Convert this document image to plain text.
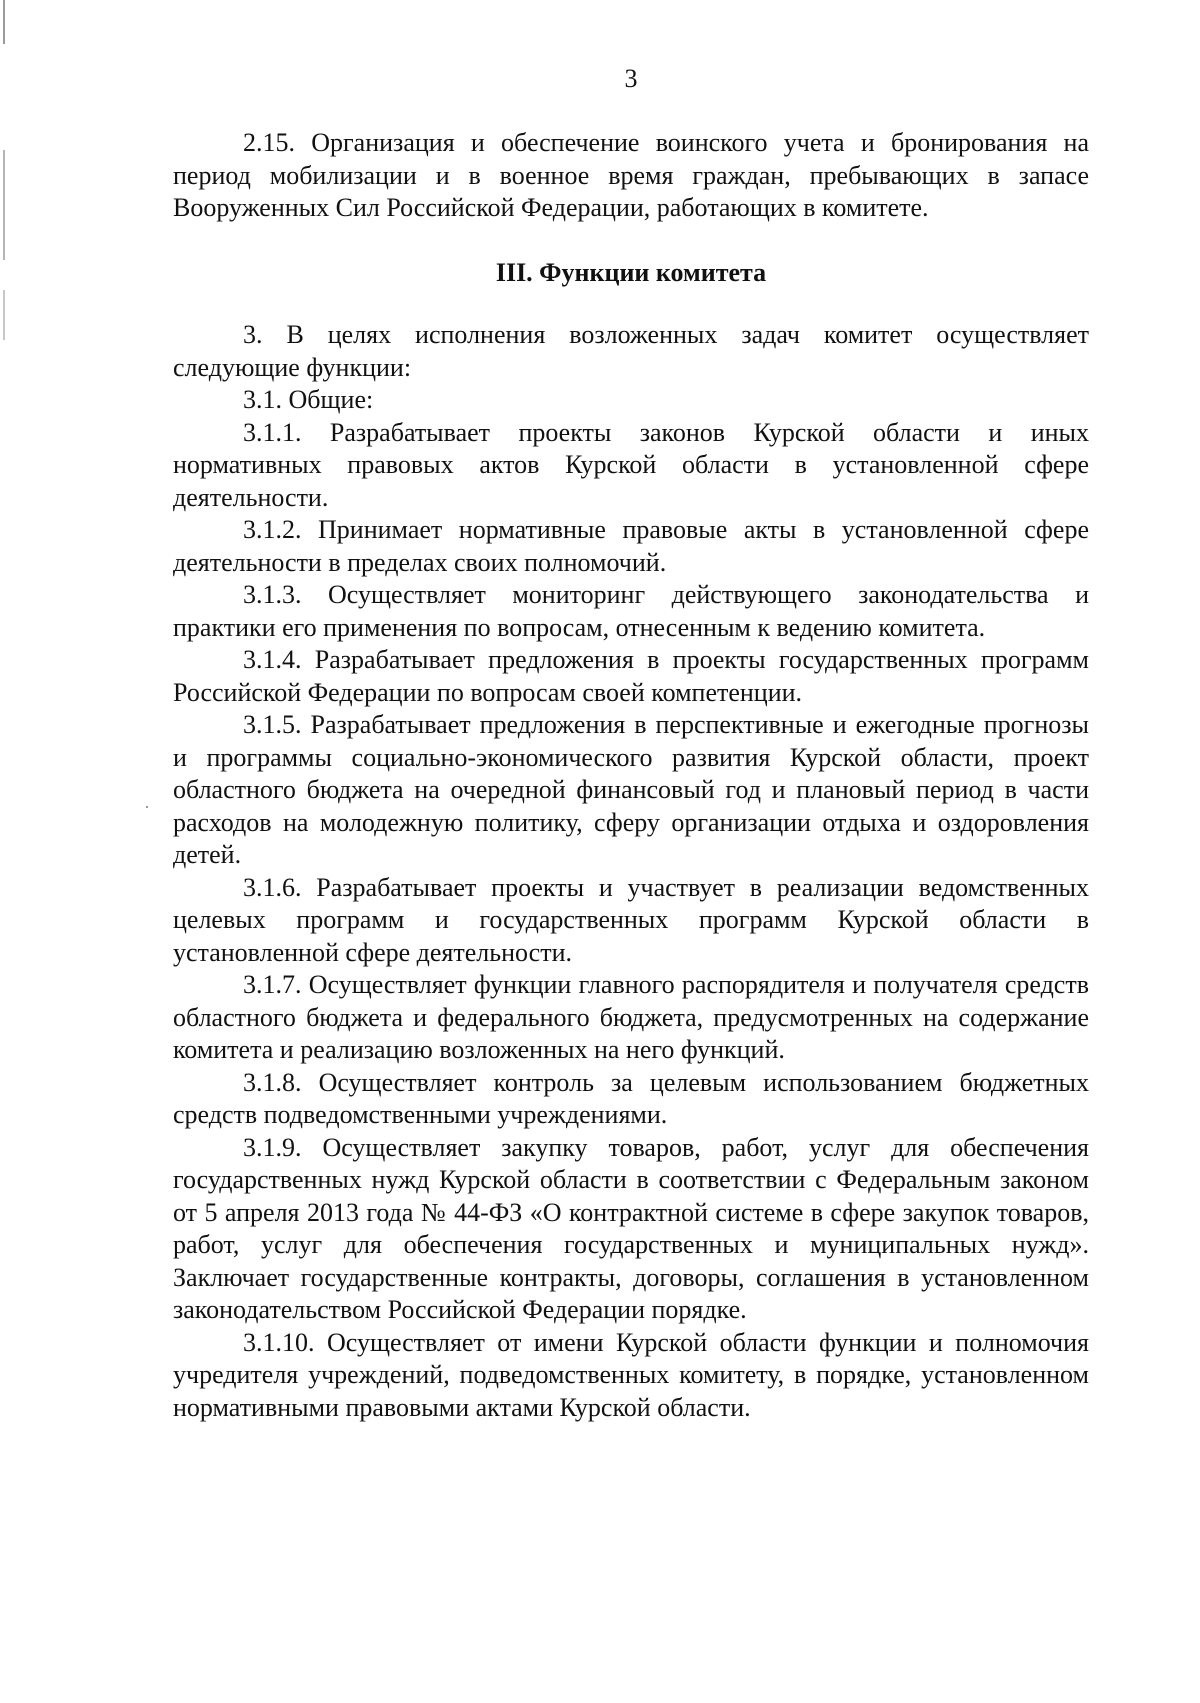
3

2.15. Организация и обеспечение воинского учета и бронирования на период мобилизации и в военное время граждан, пребывающих в запасе Вооруженных Сил Российской Федерации, работающих в комитете.

III. Функции комитета

3. В целях исполнения возложенных задач комитет осуществляет следующие функции:

3.1. Общие:

3.1.1. Разрабатывает проекты законов Курской области и иных нормативных правовых актов Курской области в установленной сфере деятельности.

3.1.2. Принимает нормативные правовые акты в установленной сфере деятельности в пределах своих полномочий.

3.1.3. Осуществляет мониторинг действующего законодательства и практики его применения по вопросам, отнесенным к ведению комитета.

3.1.4. Разрабатывает предложения в проекты государственных программ Российской Федерации по вопросам своей компетенции.

3.1.5. Разрабатывает предложения в перспективные и ежегодные прогнозы и программы социально-экономического развития Курской области, проект областного бюджета на очередной финансовый год и плановый период в части расходов на молодежную политику, сферу организации отдыха и оздоровления детей.

3.1.6. Разрабатывает проекты и участвует в реализации ведомственных целевых программ и государственных программ Курской области в установленной сфере деятельности.

3.1.7. Осуществляет функции главного распорядителя и получателя средств областного бюджета и федерального бюджета, предусмотренных на содержание комитета и реализацию возложенных на него функций.

3.1.8. Осуществляет контроль за целевым использованием бюджетных средств подведомственными учреждениями.

3.1.9. Осуществляет закупку товаров, работ, услуг для обеспечения государственных нужд Курской области в соответствии с Федеральным законом от 5 апреля 2013 года № 44-ФЗ «О контрактной системе в сфере закупок товаров, работ, услуг для обеспечения государственных и муниципальных нужд». Заключает государственные контракты, договоры, соглашения в установленном законодательством Российской Федерации порядке.

3.1.10. Осуществляет от имени Курской области функции и полномочия учредителя учреждений, подведомственных комитету, в порядке, установленном нормативными правовыми актами Курской области.
